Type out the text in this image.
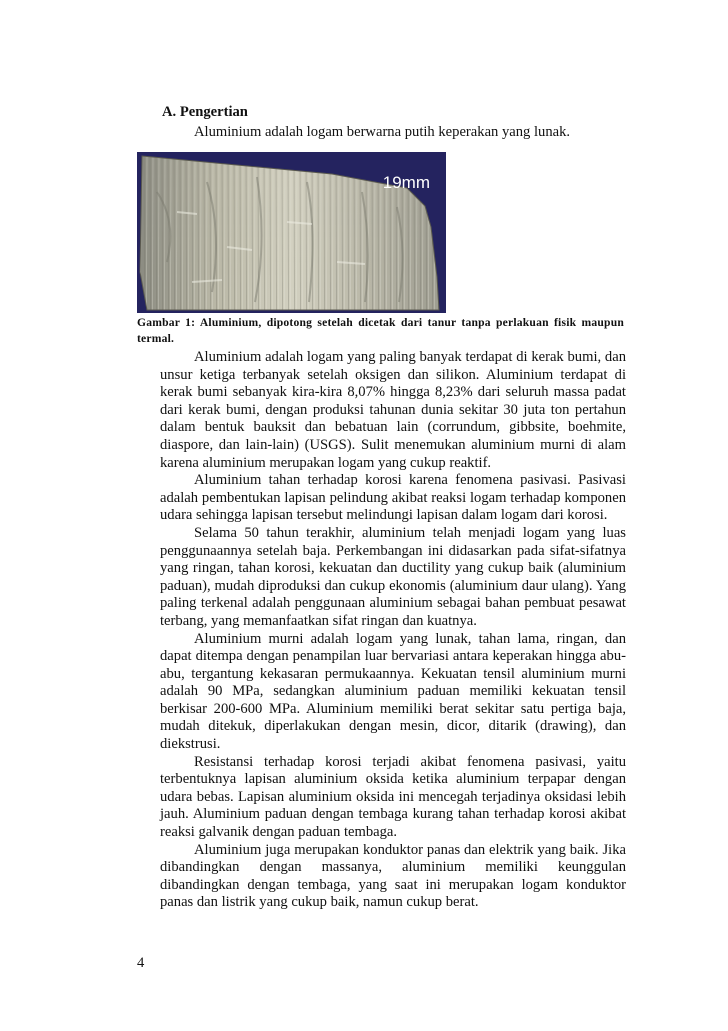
A. Pengertian
Aluminium adalah logam berwarna putih keperakan yang lunak.
19mm
Gambar 1: Aluminium, dipotong setelah dicetak dari tanur tanpa perlakuan fisik maupun termal.

Aluminium adalah logam yang paling banyak terdapat di kerak bumi, dan unsur ketiga terbanyak setelah oksigen dan silikon. Aluminium terdapat di kerak bumi sebanyak kira-kira 8,07% hingga 8,23% dari seluruh massa padat dari kerak bumi, dengan produksi tahunan dunia sekitar 30 juta ton pertahun dalam bentuk bauksit dan bebatuan lain (corrundum, gibbsite, boehmite, diaspore, dan lain-lain) (USGS). Sulit menemukan aluminium murni di alam karena aluminium merupakan logam yang cukup reaktif.

Aluminium tahan terhadap korosi karena fenomena pasivasi. Pasivasi adalah pembentukan lapisan pelindung akibat reaksi logam terhadap komponen udara sehingga lapisan tersebut melindungi lapisan dalam logam dari korosi.

Selama 50 tahun terakhir, aluminium telah menjadi logam yang luas penggunaannya setelah baja. Perkembangan ini didasarkan pada sifat-sifatnya yang ringan, tahan korosi, kekuatan dan ductility yang cukup baik (aluminium paduan), mudah diproduksi dan cukup ekonomis (aluminium daur ulang). Yang paling terkenal adalah penggunaan aluminium sebagai bahan pembuat pesawat terbang, yang memanfaatkan sifat ringan dan kuatnya.

Aluminium murni adalah logam yang lunak, tahan lama, ringan, dan dapat ditempa dengan penampilan luar bervariasi antara keperakan hingga abu-abu, tergantung kekasaran permukaannya. Kekuatan tensil aluminium murni adalah 90 MPa, sedangkan aluminium paduan memiliki kekuatan tensil berkisar 200-600 MPa. Aluminium memiliki berat sekitar satu pertiga baja, mudah ditekuk, diperlakukan dengan mesin, dicor, ditarik (drawing), dan diekstrusi.

Resistansi terhadap korosi terjadi akibat fenomena pasivasi, yaitu terbentuknya lapisan aluminium oksida ketika aluminium terpapar dengan udara bebas. Lapisan aluminium oksida ini mencegah terjadinya oksidasi lebih jauh. Aluminium paduan dengan tembaga kurang tahan terhadap korosi akibat reaksi galvanik dengan paduan tembaga.

Aluminium juga merupakan konduktor panas dan elektrik yang baik. Jika dibandingkan dengan massanya, aluminium memiliki keunggulan dibandingkan dengan tembaga, yang saat ini merupakan logam konduktor panas dan listrik yang cukup baik, namun cukup berat.

4
